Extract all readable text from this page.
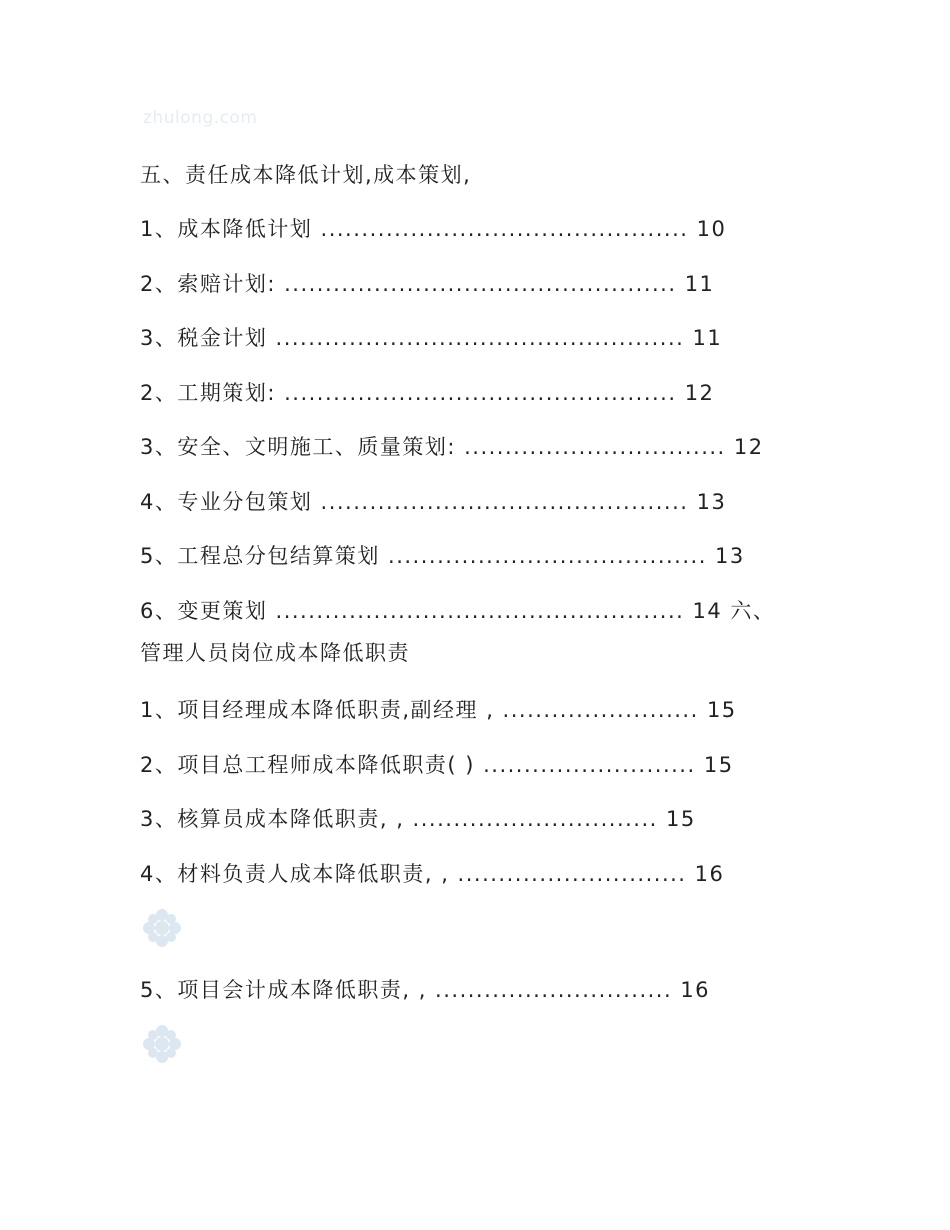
zhulong.com
五、责任成本降低计划,成本策划,
1、成本降低计划 ............................................. 10
2、索赔计划: ................................................ 11
3、税金计划 .................................................. 11
2、工期策划: ................................................ 12
3、安全、文明施工、质量策划: ................................ 12
4、专业分包策划 ............................................. 13
5、工程总分包结算策划 ....................................... 13
6、变更策划 .................................................. 14 六、
管理人员岗位成本降低职责
1、项目经理成本降低职责,副经理 , ........................ 15
2、项目总工程师成本降低职责( ) .......................... 15
3、核算员成本降低职责, , .............................. 15
4、材料负责人成本降低职责, , ............................ 16
5、项目会计成本降低职责, , ............................. 16
